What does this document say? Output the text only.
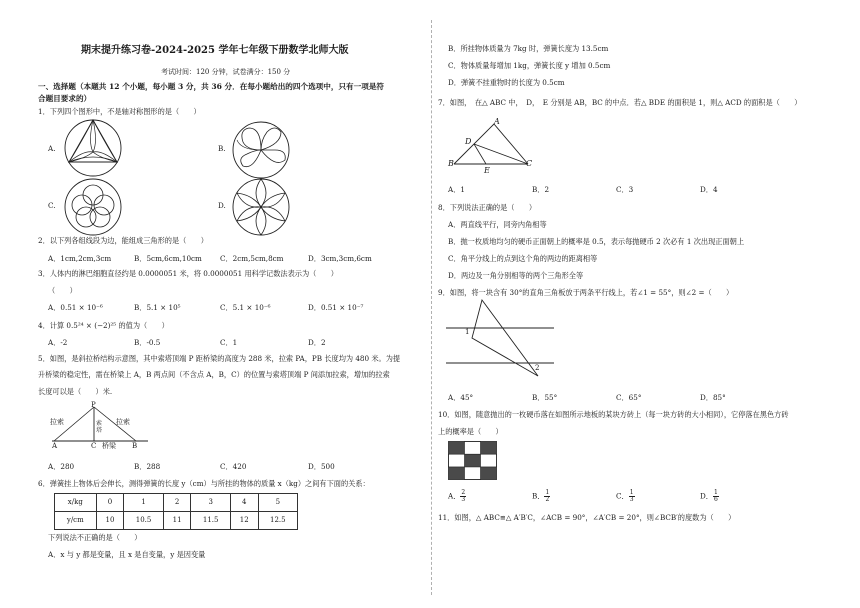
期末提升练习卷-2024-2025 学年七年级下册数学北师大版
考试时间：120 分钟，试卷满分：150 分
一、选择题（本题共 12 个小题，每小题 3 分，共 36 分．在每小题给出的四个选项中，只有一项是符
合题目要求的）
1．下列四个图形中，不是轴对称图形的是（　　）
A.	B.
C.	D.
2．以下列各组线段为边，能组成三角形的是（　　）
A．1cm,2cm,3cm	B．5cm,6cm,10cm	C．2cm,5cm,8cm	D．3cm,3cm,6cm
3．人体内的淋巴细胞直径约是 0.0000051 米，将 0.0000051 用科学记数法表示为（　　）
（　　）
A．0.51 × 10⁻⁶	B．5.1 × 10⁵	C．5.1 × 10⁻⁶	D．0.51 × 10⁻⁷
4．计算 0.5²⁴ × (−2)²⁵ 的值为（　　）
A．-2	B．-0.5	C．1	D．2
5．如图，是斜拉桥结构示意图，其中索塔顶端 P 距桥梁的高度为 288 米，拉索 PA，PB 长度均为 480 米。为提
升桥梁的稳定性，需在桥梁上 A，B 两点间（不含点 A，B，C）的位置与索塔顶端 P 间添加拉索，增加的拉索
长度可以是（　　）米.
P
拉索	拉索
索塔
A	C 桥梁 B
A．280	B．288	C．420	D．500
6．弹簧挂上物体后会伸长，测得弹簧的长度 y（cm）与所挂的物体的质量 x（kg）之间有下面的关系：
x/kg	0	1	2	3	4	5
y/cm	10	10.5	11	11.5	12	12.5
下列说法不正确的是（　　）
A．x 与 y 都是变量，且 x 是自变量，y 是因变量
B．所挂物体质量为 7kg 时，弹簧长度为 13.5cm
C．物体质量每增加 1kg，弹簧长度 y 增加 0.5cm
D．弹簧不挂重物时的长度为 0.5cm
7．如图，　在△ ABC 中，　D，　E 分别是 AB，BC 的中点．若△ BDE 的面积是 1，则△ ACD 的面积是（　　）
A
D
B
E
C
A．1	B．2	C．3	D．4
8．下列说法正确的是（　　）
A．两直线平行，同旁内角相等
B．抛一枚质地均匀的硬币正面朝上的概率是 0.5，表示每抛硬币 2 次必有 1 次出现正面朝上
C．角平分线上的点到这个角的两边的距离相等
D．两边及一角分别相等的两个三角形全等
9．如图，将一块含有 30°的直角三角板放于两条平行线上，若∠1 = 55°，则∠2 =（　　）
1
2
A．45°	B．55°	C．65°	D．85°
10．如图，随意抛出的一枚硬币落在如图所示地板的某块方砖上（每一块方砖的大小相同），它停落在黑色方砖
上的概率是（　　）
A． $\frac{2}{3}$	B． $\frac{1}{2}$	C． $\frac{1}{3}$	D． $\frac{1}{6}$
11．如图，△ ABC≌△ A′B′C，∠ACB = 90°，∠A′CB = 20°，则∠BCB′的度数为（　　）
